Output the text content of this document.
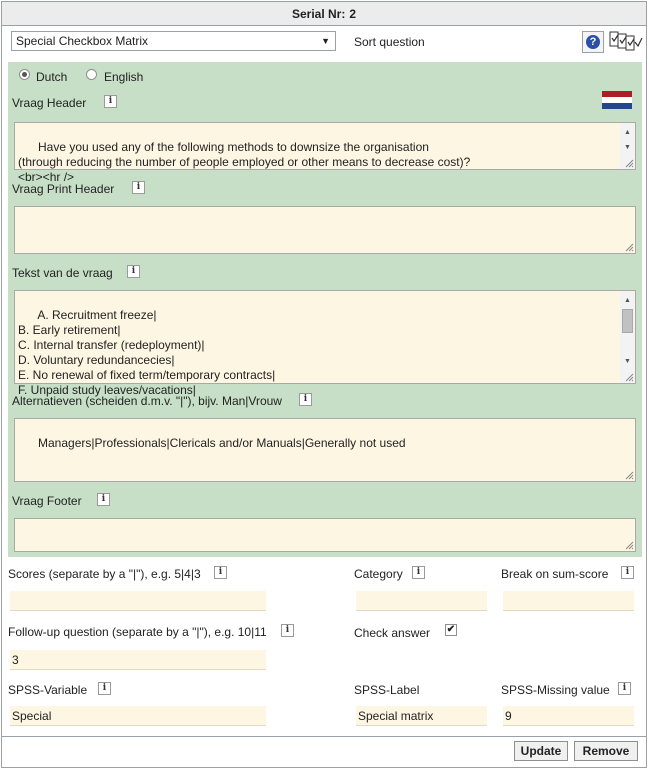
Serial Nr: 2
Special Checkbox Matrix	▼ Sort question	?
Dutch	English
Vraag Header	i

Have you used any of the following methods to downsize the organisation
(through reducing the number of people employed or other means to decrease cost)?
<br><hr />

▲

▼

Vraag Print Header	i

Tekst van de vraag	i

A. Recruitment freeze|
B. Early retirement|
C. Internal transfer (redeployment)|
D. Voluntary redundancecies|
E. No renewal of fixed term/temporary contracts|
F. Unpaid study leaves/vacations|

▲

▼

Alternatieven (scheiden d.m.v. "|"), bijv. Man|Vrouw	i

Managers|Professionals|Clericals and/or Manuals|Generally not used

Vraag Footer	i

Scores (separate by a "|"), e.g. 5|4|3	i	Category	i	Break on sum-score	i
Follow-up question (separate by a "|"), e.g. 10|11	i
3
Check answer ✔
SPSS-Variable	i
Special
SPSS-Label
Special matrix
SPSS-Missing value	i
9
Update	Remove
